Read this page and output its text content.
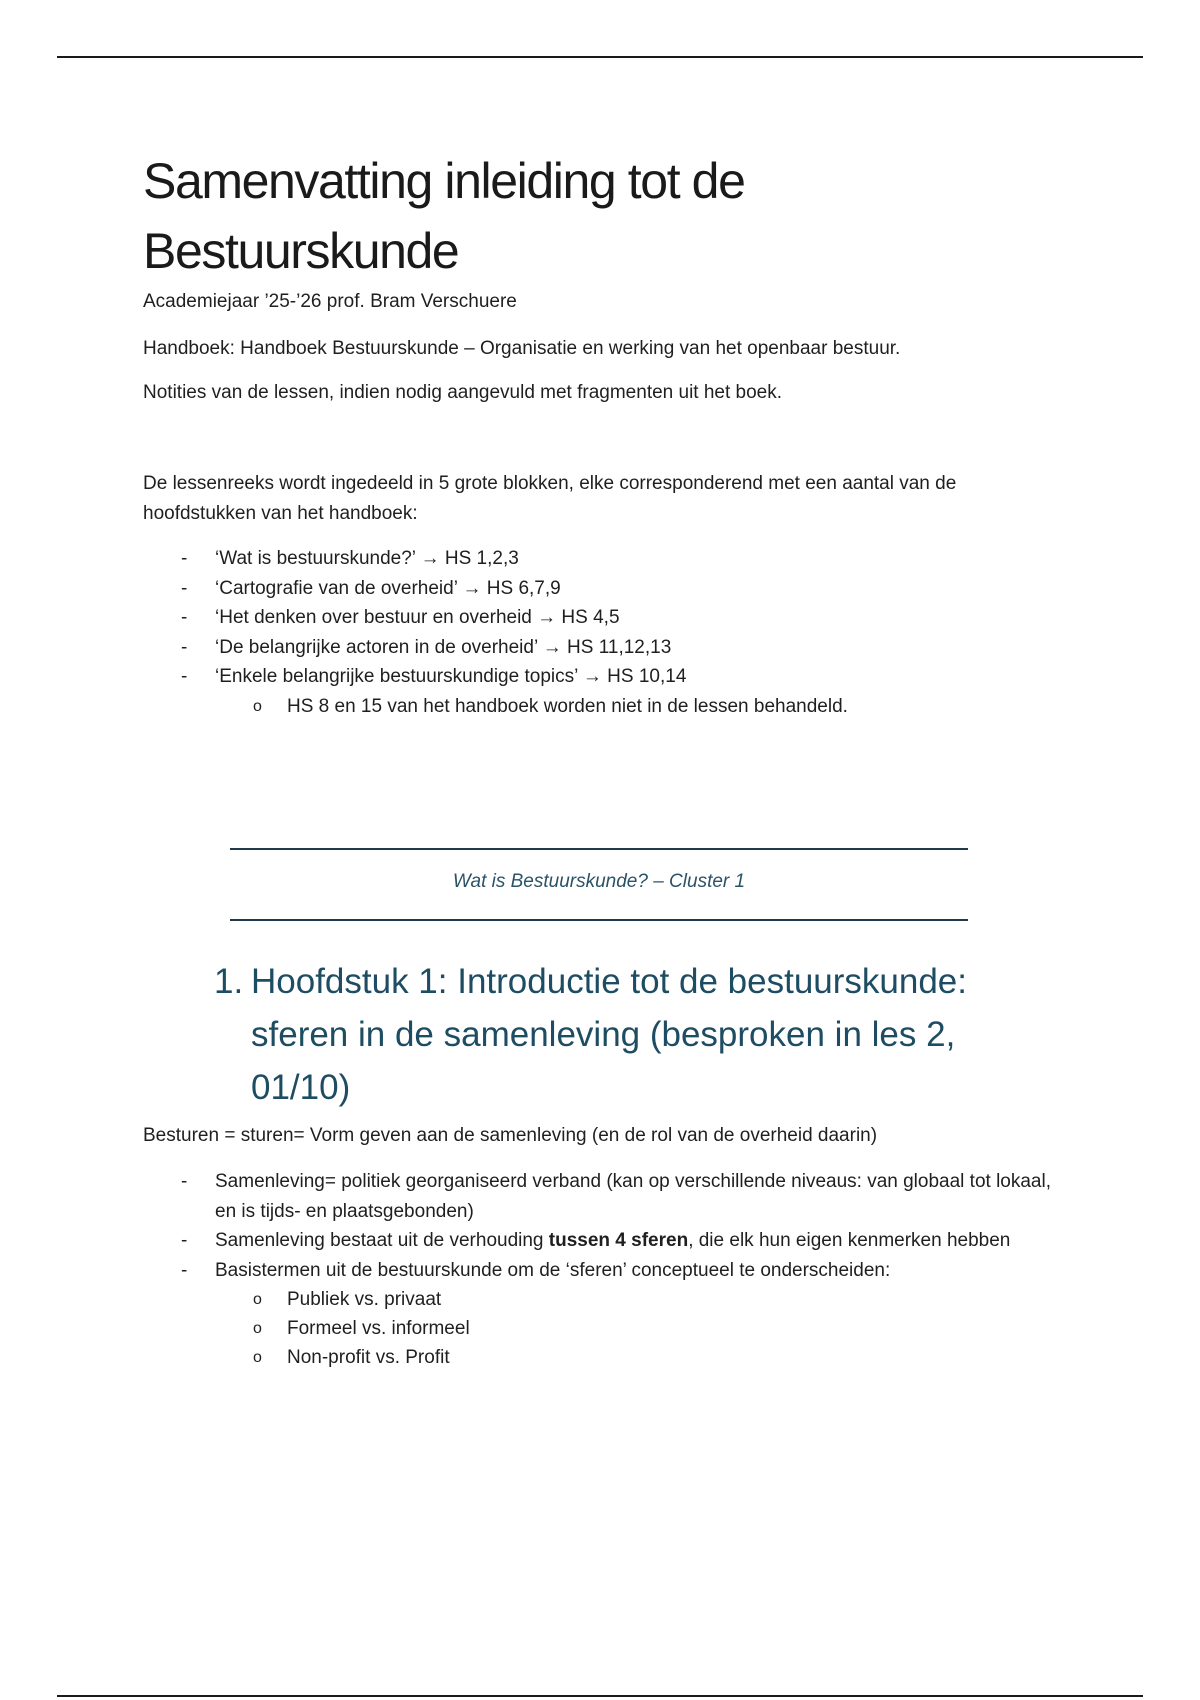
Samenvatting inleiding tot de Bestuurskunde

Academiejaar ’25-’26 prof. Bram Verschuere

Handboek: Handboek Bestuurskunde – Organisatie en werking van het openbaar bestuur.

Notities van de lessen, indien nodig aangevuld met fragmenten uit het boek.

De lessenreeks wordt ingedeeld in 5 grote blokken, elke corresponderend met een aantal van de hoofdstukken van het handboek:

- ‘Wat is bestuurskunde?’ → HS 1,2,3
- ‘Cartografie van de overheid’ → HS 6,7,9
- ‘Het denken over bestuur en overheid → HS 4,5
- ‘De belangrijke actoren in de overheid’ → HS 11,12,13
- ‘Enkele belangrijke bestuurskundige topics’ → HS 10,14
o HS 8 en 15 van het handboek worden niet in de lessen behandeld.

Wat is Bestuurskunde? – Cluster 1

1. Hoofdstuk 1: Introductie tot de bestuurskunde: sferen in de samenleving (besproken in les 2, 01/10)

Besturen = sturen= Vorm geven aan de samenleving (en de rol van de overheid daarin)

- Samenleving= politiek georganiseerd verband (kan op verschillende niveaus: van globaal tot lokaal, en is tijds- en plaatsgebonden)
- Samenleving bestaat uit de verhouding tussen 4 sferen, die elk hun eigen kenmerken hebben
- Basistermen uit de bestuurskunde om de ‘sferen’ conceptueel te onderscheiden:
o Publiek vs. privaat
o Formeel vs. informeel
o Non-profit vs. Profit
